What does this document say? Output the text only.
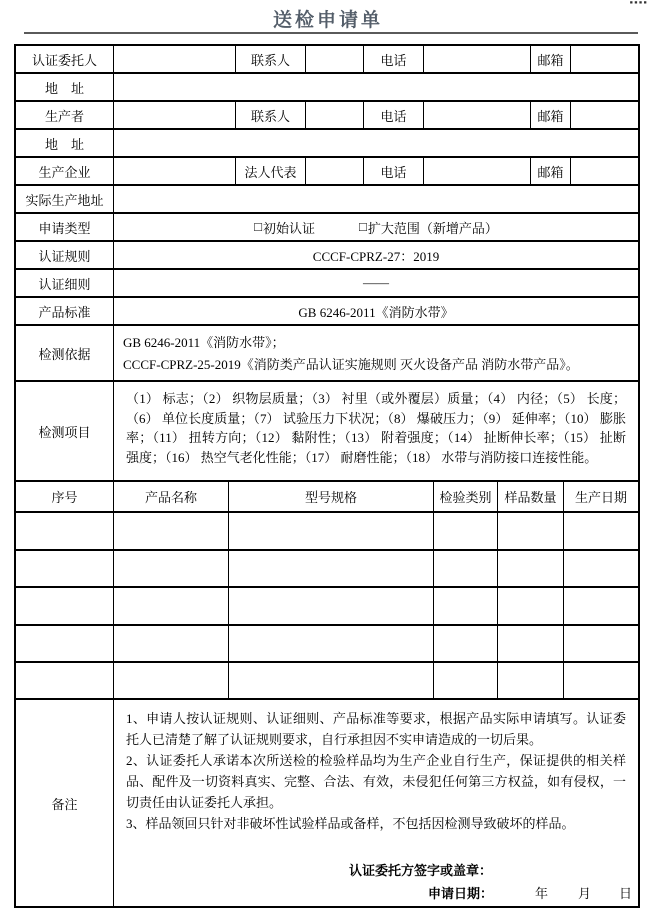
送检申请单
▪▪▪▪
认证委托人	联系人	电话	邮箱
地　址
生产者	联系人	电话	邮箱
地　址
生产企业	法人代表	电话	邮箱
实际生产地址
申请类型	□ 初始认证	□ 扩大范围（新增产品）
认证规则	CCCF-CPRZ-27：2019
认证细则	——
产品标准	GB 6246-2011《消防水带》
检测依据
GB 6246-2011《消防水带》；
CCCF-CPRZ-25-2019《消防类产品认证实施规则 灭火设备产品 消防水带产品》。
检测项目
（1） 标志；（2） 织物层质量；（3） 衬里（或外覆层）质量；（4） 内径；（5） 长度；（6） 单位长度质量；（7） 试验压力下状况；（8） 爆破压力；（9） 延伸率；（10） 膨胀率；（11） 扭转方向；（12） 黏附性；（13） 附着强度；（14） 扯断伸长率；（15） 扯断强度；（16） 热空气老化性能；（17） 耐磨性能；（18） 水带与消防接口连接性能。
序号	产品名称	型号规格	检验类别 样品数量	生产日期
备注

1、申请人按认证规则、认证细则、产品标准等要求，根据产品实际申请填写。认证委托人已清楚了解了认证规则要求，自行承担因不实申请造成的一切后果。

2、认证委托人承诺本次所送检的检验样品均为生产企业自行生产，保证提供的相关样品、配件及一切资料真实、完整、合法、有效，未侵犯任何第三方权益，如有侵权，一切责任由认证委托人承担。

3、样品领回只针对非破坏性试验样品或备样，不包括因检测导致破坏的样品。

认证委托方签字或盖章：
申请日期：	年 月 日
